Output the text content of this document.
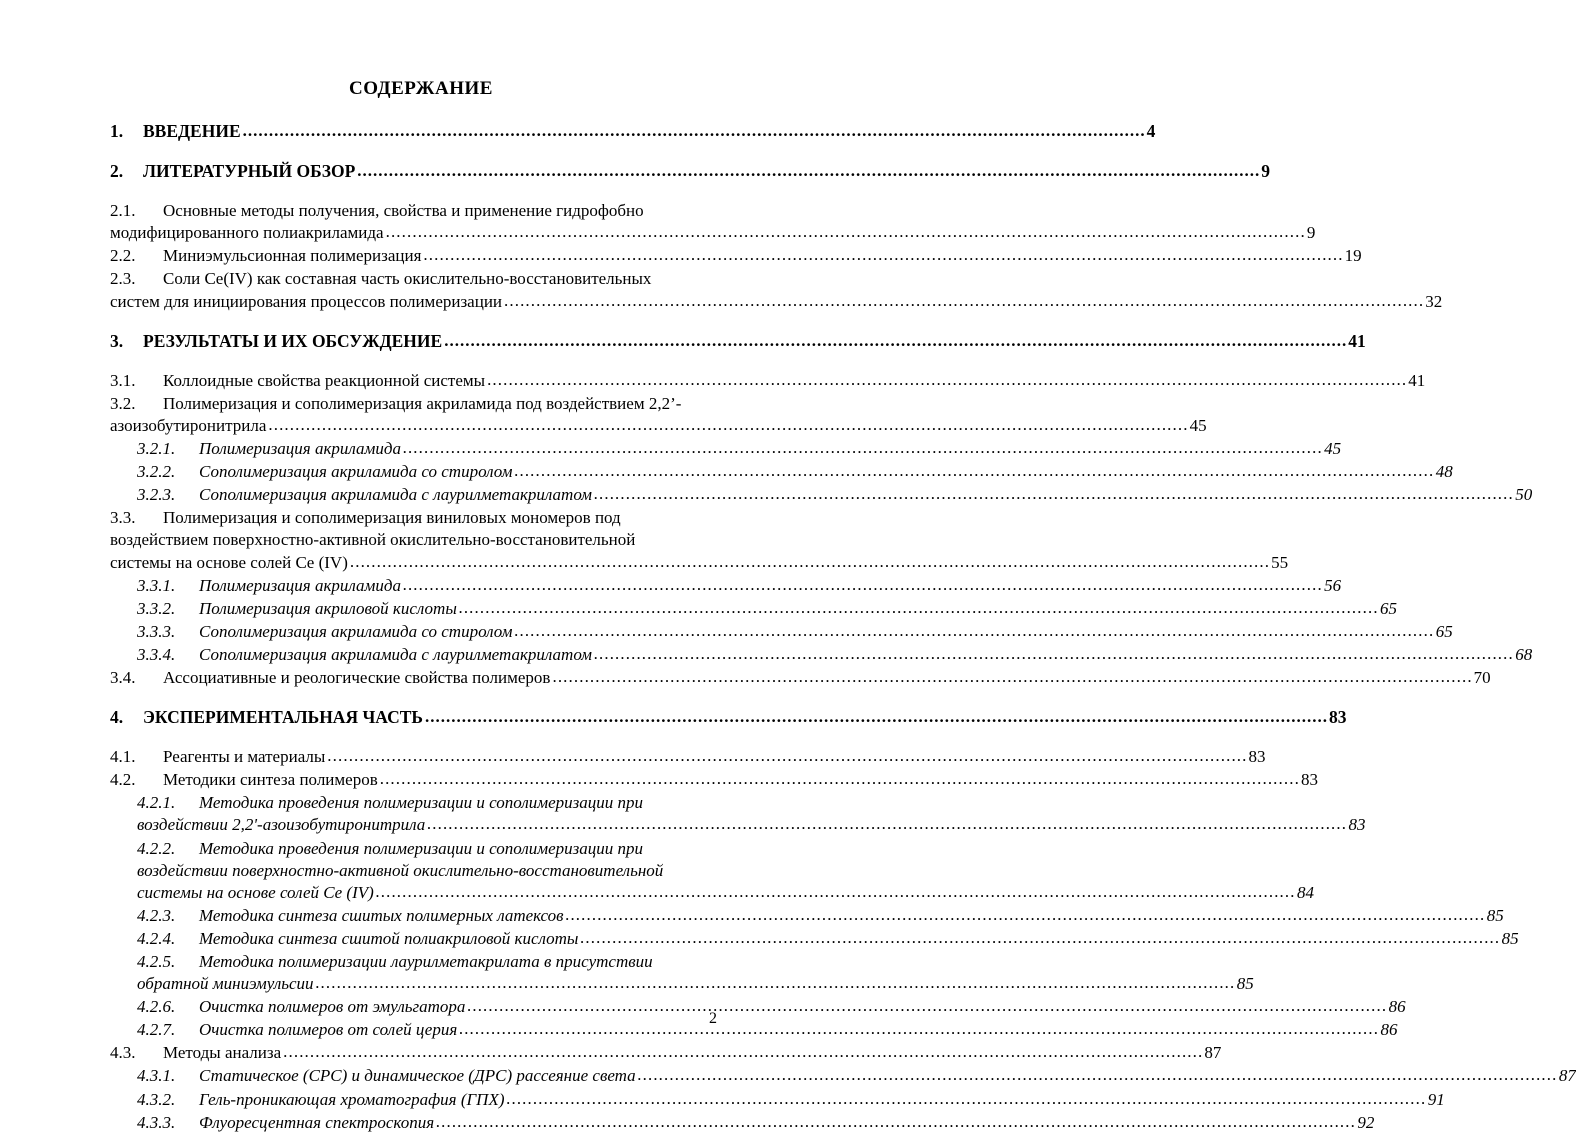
СОДЕРЖАНИЕ
1.	ВВЕДЕНИЕ .....	4
2.	ЛИТЕРАТУРНЫЙ ОБЗОР .....	9
2.1.	Основные методы получения, свойства и применение гидрофобно
модифицированного полиакриламида .....	9
2.2.	Миниэмульсионная полимеризация .....	19
2.3.	Соли Ce(IV) как составная часть окислительно-восстановительных
систем для инициирования процессов полимеризации .....	32
3.	РЕЗУЛЬТАТЫ И ИХ ОБСУЖДЕНИЕ .....	41
3.1.	Коллоидные свойства реакционной системы .....	41
3.2.	Полимеризация и сополимеризация акриламида под воздействием 2,2’-
азоизобутиронитрила .....	45
3.2.1.	Полимеризация акриламида .....	45
3.2.2.	Сополимеризация акриламида со стиролом .....	48
3.2.3.	Сополимеризация акриламида с лаурилметакрилатом .....	50
3.3.	Полимеризация и сополимеризация виниловых мономеров под
воздействием поверхностно-активной окислительно-восстановительной
системы на основе солей Ce (IV) .....	55
3.3.1.	Полимеризация акриламида .....	56
3.3.2.	Полимеризация акриловой кислоты .....	65
3.3.3.	Сополимеризация акриламида со стиролом .....	65
3.3.4.	Сополимеризация акриламида с лаурилметакрилатом .....	68
3.4.	Ассоциативные и реологические свойства полимеров .....	70
4.	ЭКСПЕРИМЕНТАЛЬНАЯ ЧАСТЬ .....	83
4.1.	Реагенты и материалы .....	83
4.2.	Методики синтеза полимеров .....	83
4.2.1.	Методика проведения полимеризации и сополимеризации при
воздействии 2,2'-азоизобутиронитрила .....	83
4.2.2.	Методика проведения полимеризации и сополимеризации при
воздействии поверхностно-активной окислительно-восстановительной
системы на основе солей Ce (IV) .....	84
4.2.3.	Методика синтеза сшитых полимерных латексов .....	85
4.2.4.	Методика синтеза сшитой полиакриловой кислоты .....	85
4.2.5.	Методика полимеризации лаурилметакрилата в присутствии
обратной миниэмульсии .....	85
4.2.6.	Очистка полимеров от эмульгатора .....	86
4.2.7.	Очистка полимеров от солей церия .....	86
4.3.	Методы анализа .....	87
4.3.1.	Статическое (СРС) и динамическое (ДРС) рассеяние света .....	87
4.3.2.	Гель-проникающая хроматография (ГПХ) .....	91
4.3.3.	Флуоресцентная спектроскопия .....	92
2
